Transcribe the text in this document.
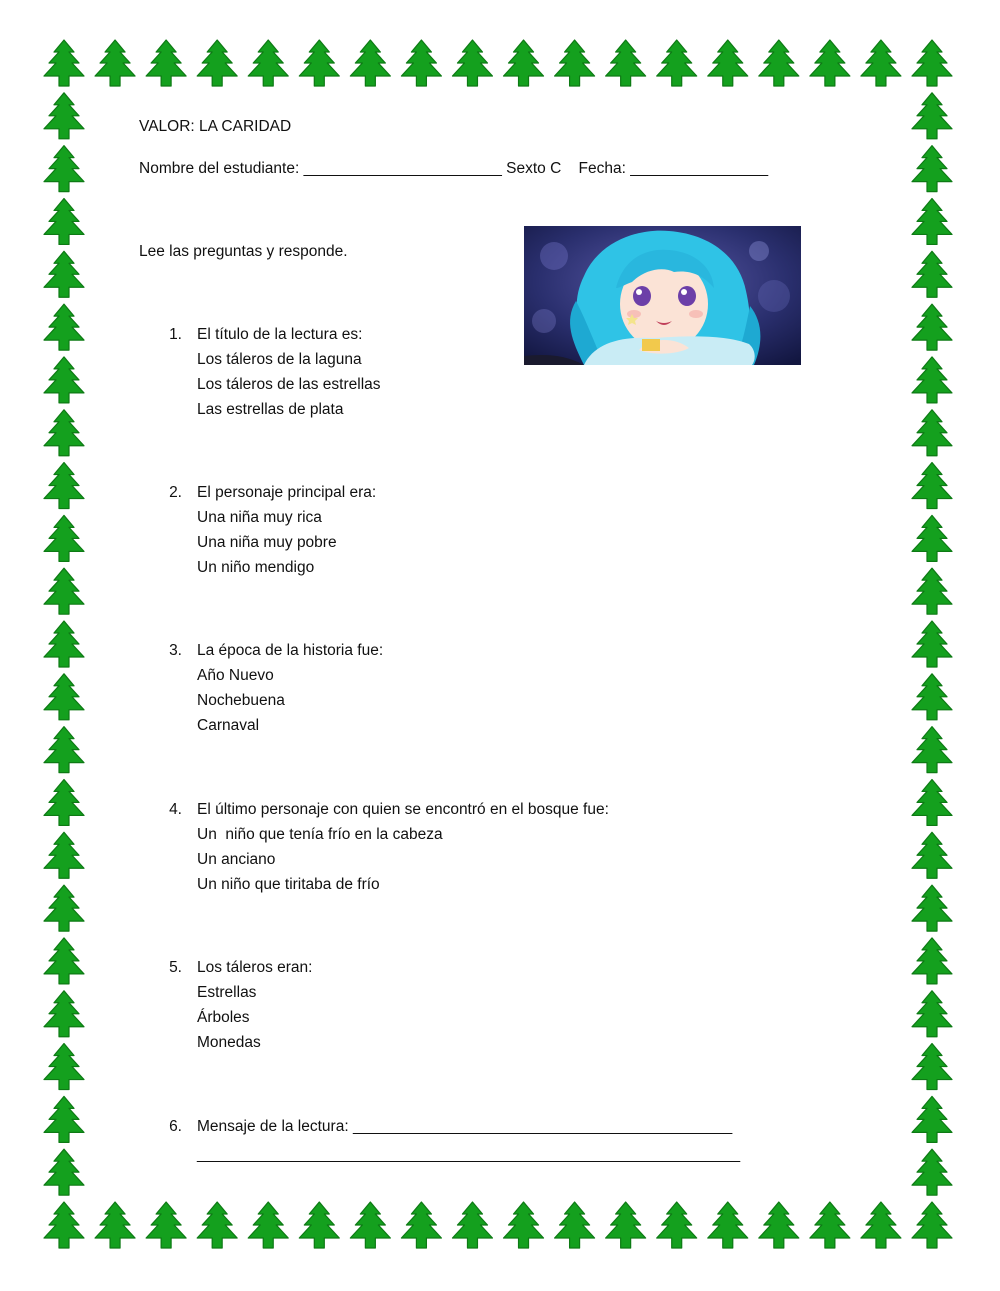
VALOR: LA CARIDAD
Nombre del estudiante: _______________________ Sexto C    Fecha: ________________
Lee las preguntas y responde.
1. El título de la lectura es:
Los táleros de la laguna
Los táleros de las estrellas
Las estrellas de plata
2. El personaje principal era:
Una niña muy rica
Una niña muy pobre
Un niño mendigo
3. La época de la historia fue:
Año Nuevo
Nochebuena
Carnaval
4. El último personaje con quien se encontró en el bosque fue:
Un  niño que tenía frío en la cabeza
Un anciano
Un niño que tiritaba de frío
5. Los táleros eran:
Estrellas
Árboles
Monedas
6. Mensaje de la lectura: ____________________________________________
_______________________________________________________________
